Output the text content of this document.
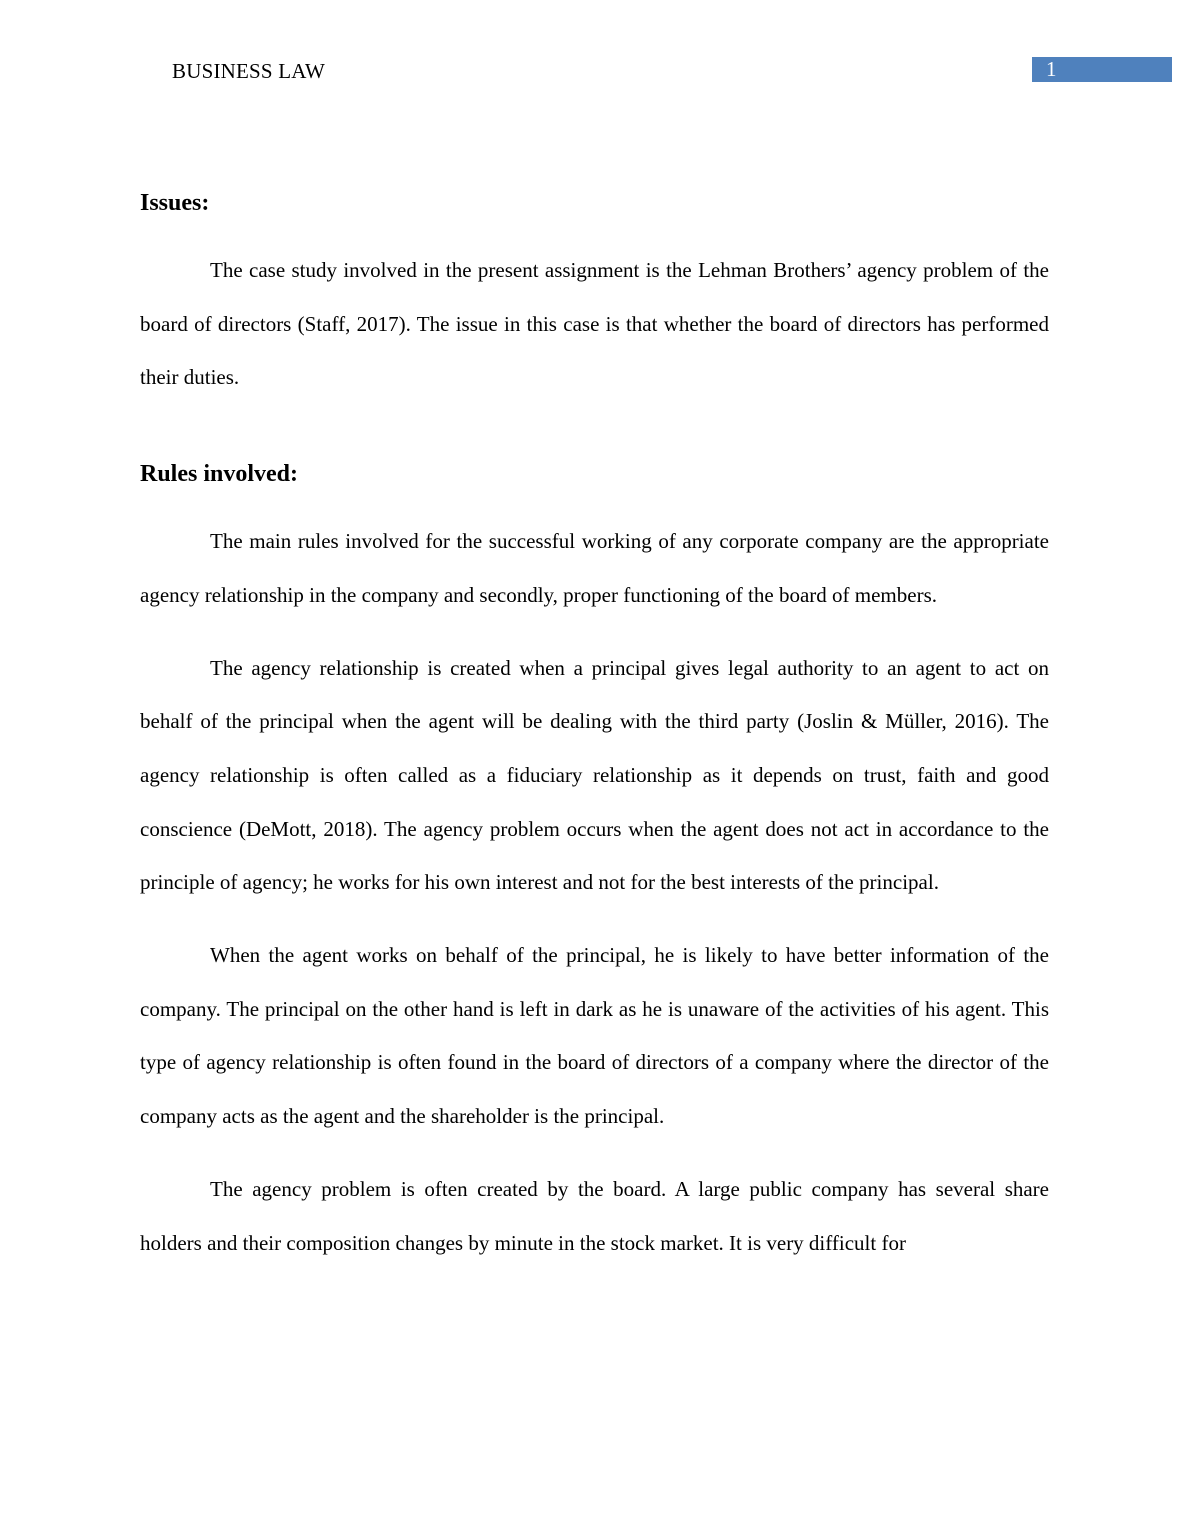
BUSINESS LAW	1
Issues:

The case study involved in the present assignment is the Lehman Brothers’ agency problem of the board of directors (Staff, 2017). The issue in this case is that whether the board of directors has performed their duties.

Rules involved:

The main rules involved for the successful working of any corporate company are the appropriate agency relationship in the company and secondly, proper functioning of the board of members.

The agency relationship is created when a principal gives legal authority to an agent to act on behalf of the principal when the agent will be dealing with the third party (Joslin & Müller, 2016). The agency relationship is often called as a fiduciary relationship as it depends on trust, faith and good conscience (DeMott, 2018). The agency problem occurs when the agent does not act in accordance to the principle of agency; he works for his own interest and not for the best interests of the principal.

When the agent works on behalf of the principal, he is likely to have better information of the company. The principal on the other hand is left in dark as he is unaware of the activities of his agent. This type of agency relationship is often found in the board of directors of a company where the director of the company acts as the agent and the shareholder is the principal.

The agency problem is often created by the board. A large public company has several share holders and their composition changes by minute in the stock market. It is very difficult for
